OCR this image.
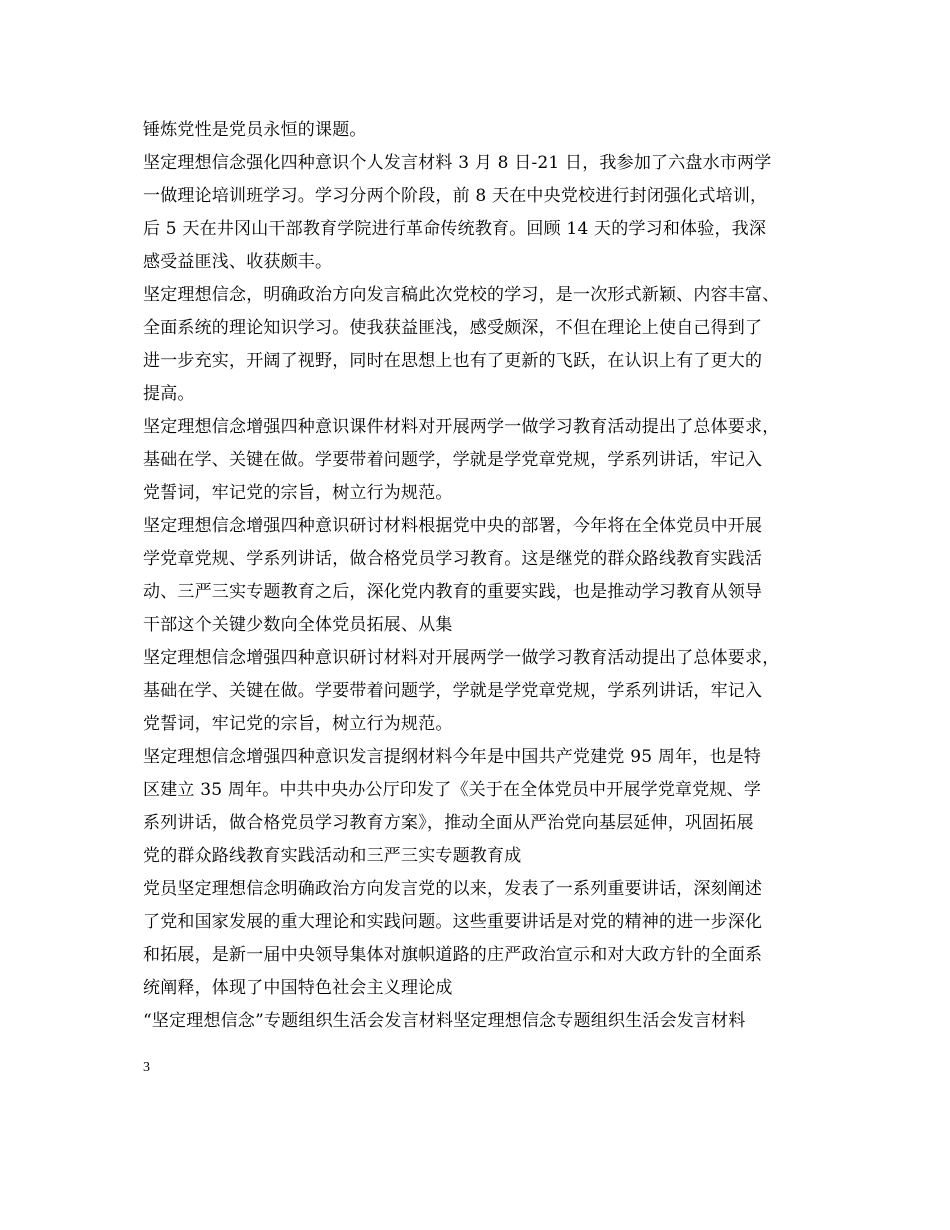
锤炼党性是党员永恒的课题。
坚定理想信念强化四种意识个人发言材料 3 月 8 日-21 日，我参加了六盘水市两学
一做理论培训班学习。学习分两个阶段，前 8 天在中央党校进行封闭强化式培训，
后 5 天在井冈山干部教育学院进行革命传统教育。回顾 14 天的学习和体验，我深
感受益匪浅、收获颇丰。
坚定理想信念，明确政治方向发言稿此次党校的学习，是一次形式新颖、内容丰富、
全面系统的理论知识学习。使我获益匪浅，感受颇深，不但在理论上使自己得到了
进一步充实，开阔了视野，同时在思想上也有了更新的飞跃，在认识上有了更大的
提高。
坚定理想信念增强四种意识课件材料对开展两学一做学习教育活动提出了总体要求，
基础在学、关键在做。学要带着问题学，学就是学党章党规，学系列讲话，牢记入
党誓词，牢记党的宗旨，树立行为规范。
坚定理想信念增强四种意识研讨材料根据党中央的部署，今年将在全体党员中开展
学党章党规、学系列讲话，做合格党员学习教育。这是继党的群众路线教育实践活
动、三严三实专题教育之后，深化党内教育的重要实践，也是推动学习教育从领导
干部这个关键少数向全体党员拓展、从集
坚定理想信念增强四种意识研讨材料对开展两学一做学习教育活动提出了总体要求，
基础在学、关键在做。学要带着问题学，学就是学党章党规，学系列讲话，牢记入
党誓词，牢记党的宗旨，树立行为规范。
坚定理想信念增强四种意识发言提纲材料今年是中国共产党建党 95 周年，也是特
区建立 35 周年。中共中央办公厅印发了《关于在全体党员中开展学党章党规、学
系列讲话，做合格党员学习教育方案》，推动全面从严治党向基层延伸，巩固拓展
党的群众路线教育实践活动和三严三实专题教育成
党员坚定理想信念明确政治方向发言党的以来，发表了一系列重要讲话，深刻阐述
了党和国家发展的重大理论和实践问题。这些重要讲话是对党的精神的进一步深化
和拓展，是新一届中央领导集体对旗帜道路的庄严政治宣示和对大政方针的全面系
统阐释，体现了中国特色社会主义理论成
“坚定理想信念”专题组织生活会发言材料坚定理想信念专题组织生活会发言材料
3
